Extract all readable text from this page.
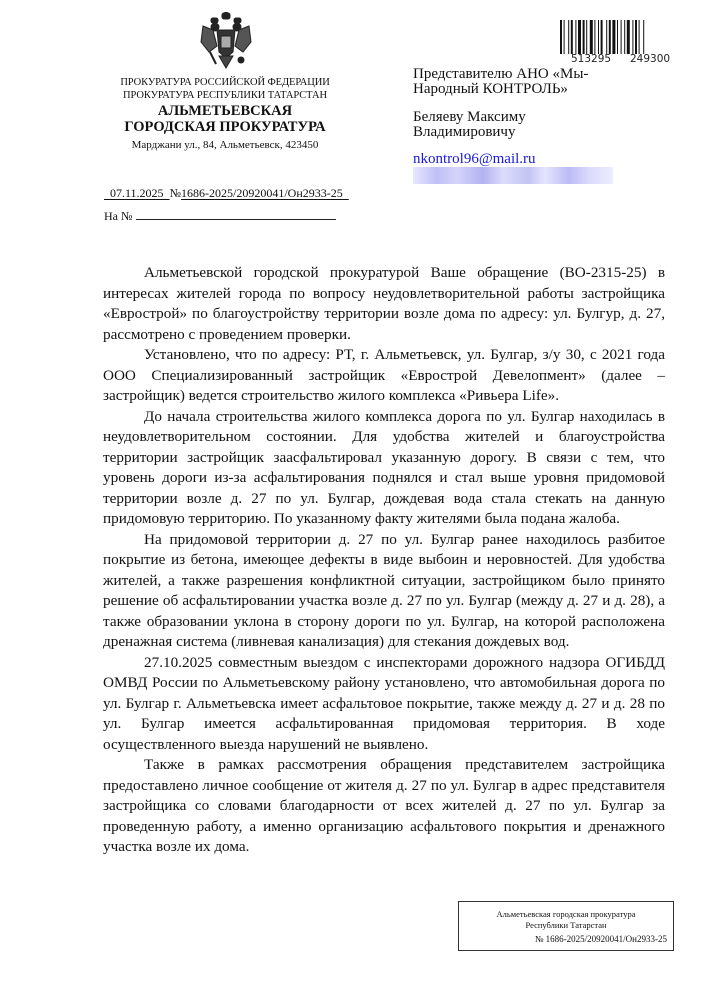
ПРОКУРАТУРА РОССИЙСКОЙ ФЕДЕРАЦИИ
ПРОКУРАТУРА РЕСПУБЛИКИ ТАТАРСТАН
АЛЬМЕТЬЕВСКАЯ
ГОРОДСКАЯ ПРОКУРАТУРА
Марджани ул., 84, Альметьевск, 423450
07.11.2025 №1686-2025/20920041/Он2933-25
На №
513295 249300
Представителю АНО «Мы-
Народный КОНТРОЛЬ»
Беляеву Максиму
Владимировичу
nkontrol96@mail.ru

Альметьевской городской прокуратурой Ваше обращение (ВО-2315-25) в интересах жителей города по вопросу неудовлетворительной работы застройщика «Еврострой» по благоустройству территории возле дома по адресу: ул. Булгур, д. 27, рассмотрено с проведением проверки.

Установлено, что по адресу: РТ, г. Альметьевск, ул. Булгар, з/у 30, с 2021 года ООО Специализированный застройщик «Еврострой Девелопмент» (далее – застройщик) ведется строительство жилого комплекса «Ривьера Life».

До начала строительства жилого комплекса дорога по ул. Булгар находилась в неудовлетворительном состоянии. Для удобства жителей и благоустройства территории застройщик заасфальтировал указанную дорогу. В связи с тем, что уровень дороги из-за асфальтирования поднялся и стал выше уровня придомовой территории возле д. 27 по ул. Булгар, дождевая вода стала стекать на данную придомовую территорию. По указанному факту жителями была подана жалоба.

На придомовой территории д. 27 по ул. Булгар ранее находилось разбитое покрытие из бетона, имеющее дефекты в виде выбоин и неровностей. Для удобства жителей, а также разрешения конфликтной ситуации, застройщиком было принято решение об асфальтировании участка возле д. 27 по ул. Булгар (между д. 27 и д. 28), а также образовании уклона в сторону дороги по ул. Булгар, на которой расположена дренажная система (ливневая канализация) для стекания дождевых вод.

27.10.2025 совместным выездом с инспекторами дорожного надзора ОГИБДД ОМВД России по Альметьевскому району установлено, что автомобильная дорога по ул. Булгар г. Альметьевска имеет асфальтовое покрытие, также между д. 27 и д. 28 по ул. Булгар имеется асфальтированная придомовая территория. В ходе осуществленного выезда нарушений не выявлено.

Также в рамках рассмотрения обращения представителем застройщика предоставлено личное сообщение от жителя д. 27 по ул. Булгар в адрес представителя застройщика со словами благодарности от всех жителей д. 27 по ул. Булгар за проведенную работу, а именно организацию асфальтового покрытия и дренажного участка возле их дома.

Альметьевская городская прокуратура
Республики Татарстан
№ 1686-2025/20920041/Он2933-25
